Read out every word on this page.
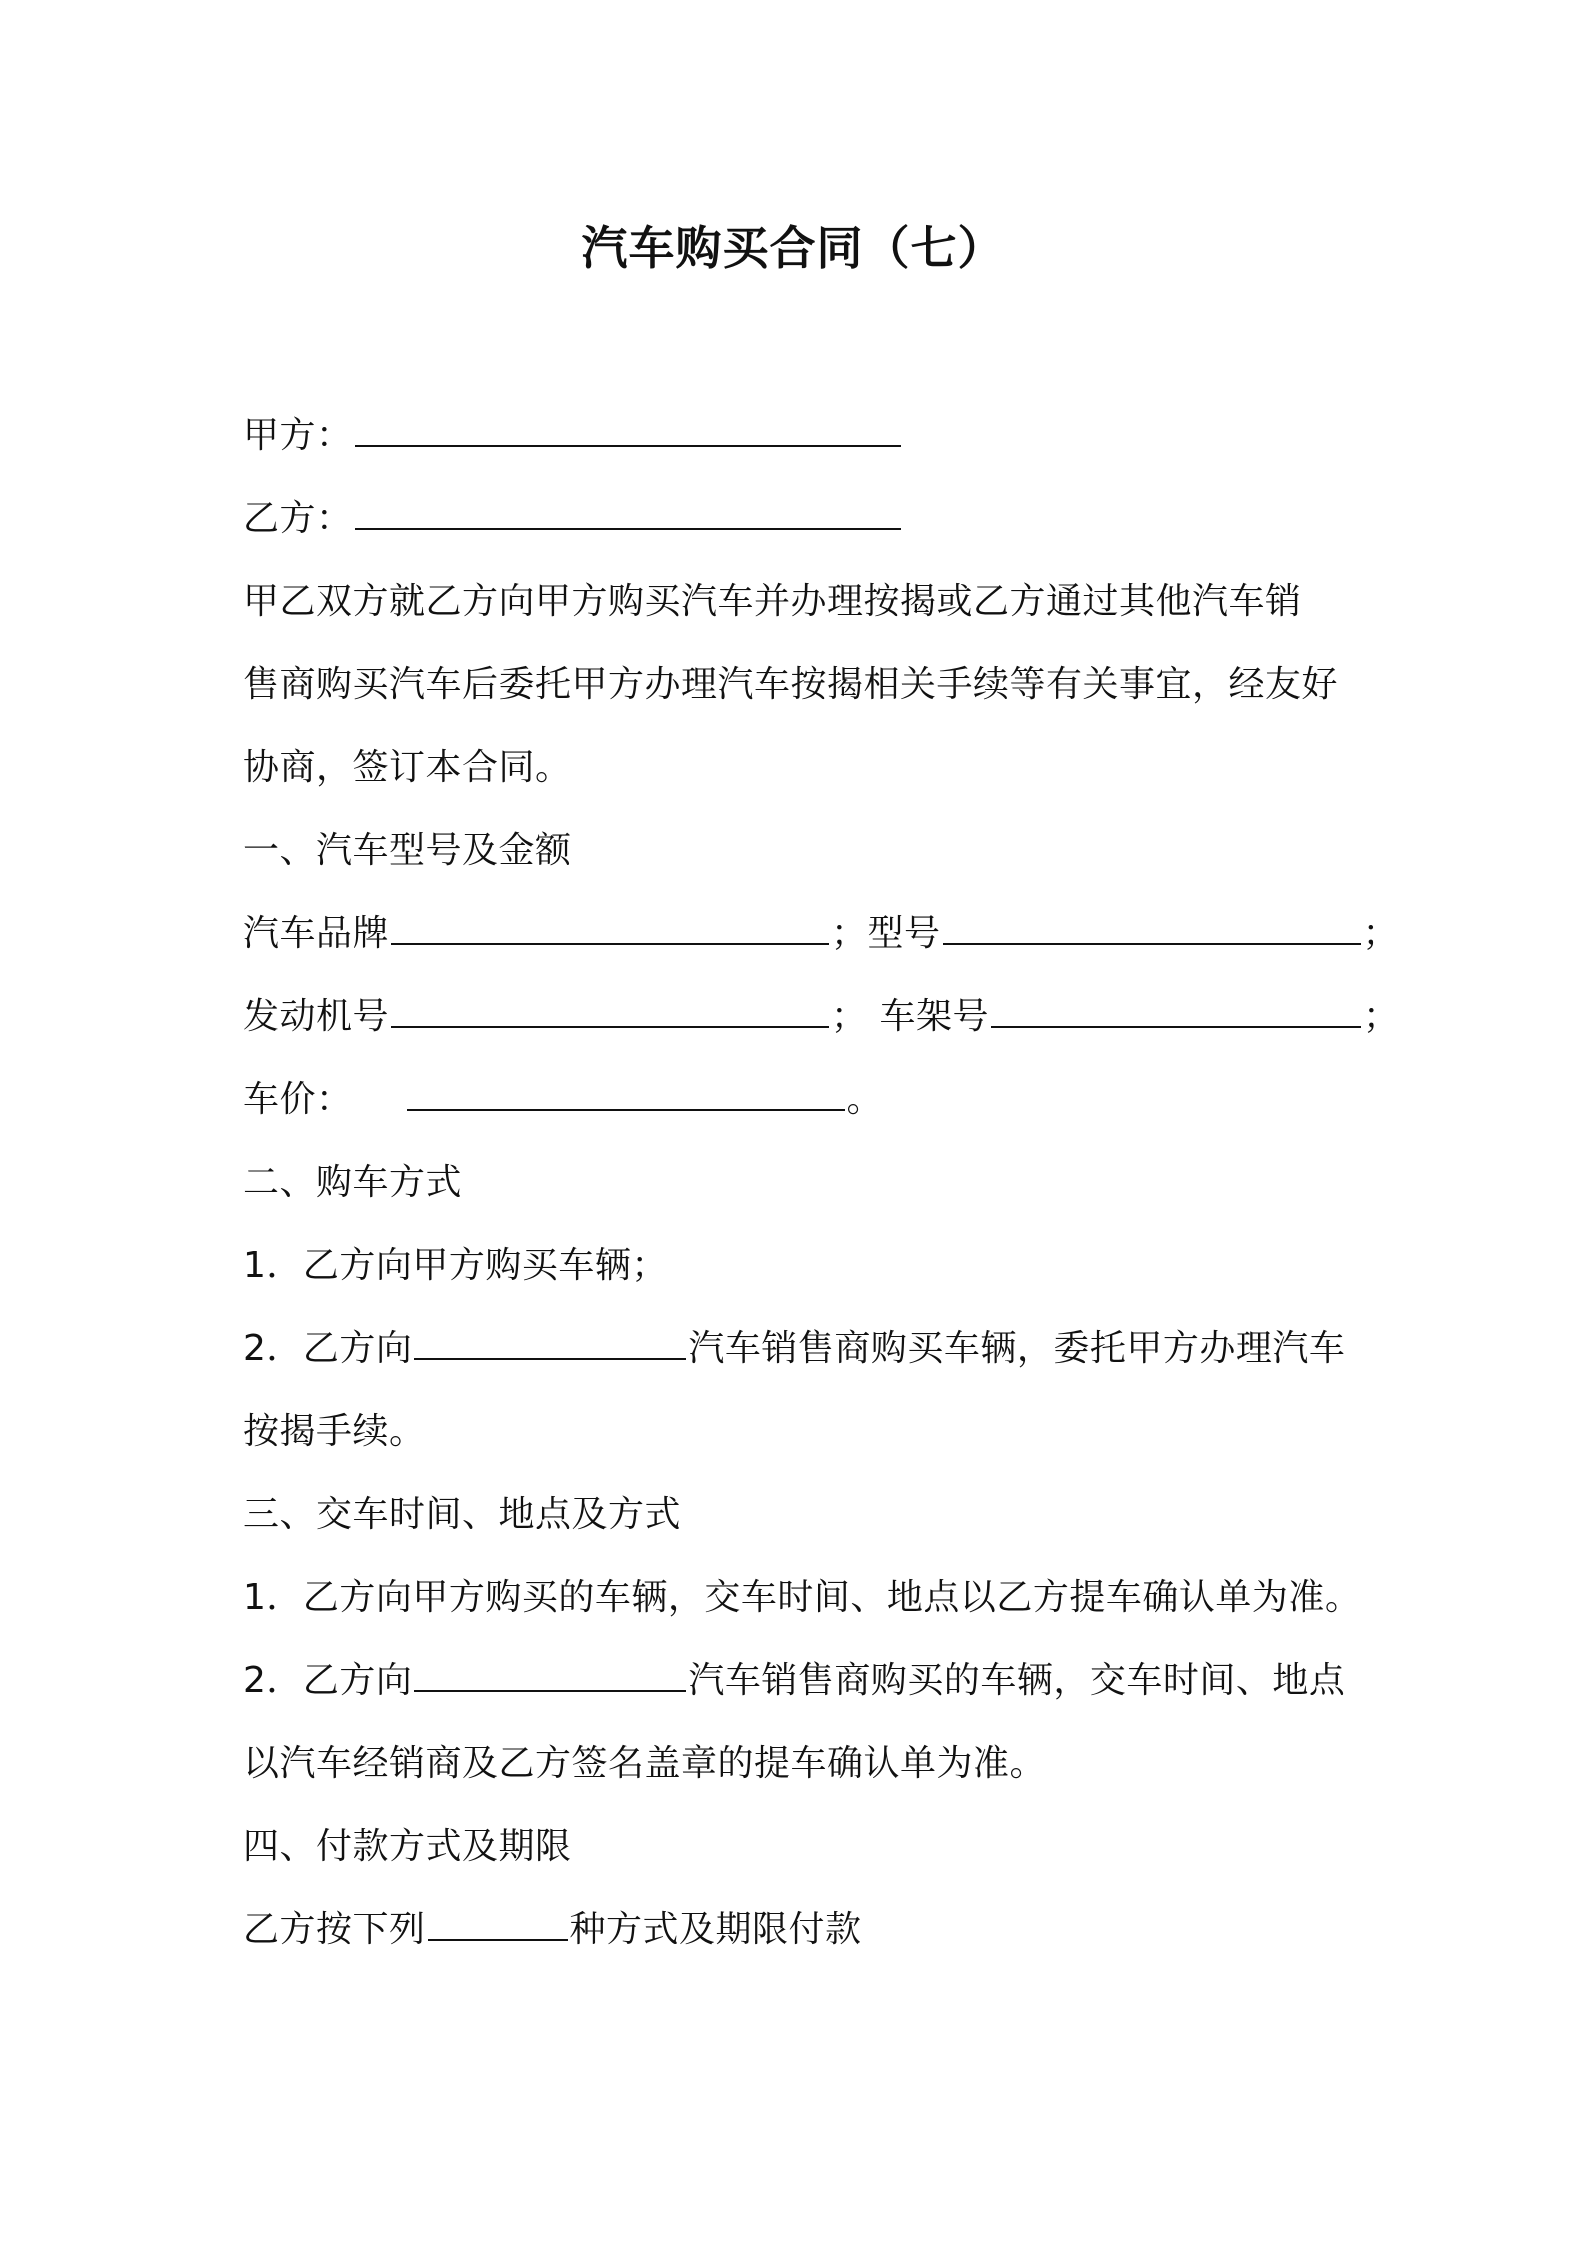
汽车购买合同（七）
甲方：
乙方：
甲乙双方就乙方向甲方购买汽车并办理按揭或乙方通过其他汽车销
售商购买汽车后委托甲方办理汽车按揭相关手续等有关事宜，经友好
协商，签订本合同。
一、汽车型号及金额
汽车品牌	；型号	；
发动机号	； 车架号	；
车价：	。
二、购车方式
1．乙方向甲方购买车辆；
2．乙方向	汽车销售商购买车辆，委托甲方办理汽车
按揭手续。
三、交车时间、地点及方式
1．乙方向甲方购买的车辆，交车时间、地点以乙方提车确认单为准。
2．乙方向	汽车销售商购买的车辆，交车时间、地点
以汽车经销商及乙方签名盖章的提车确认单为准。
四、付款方式及期限
乙方按下列	种方式及期限付款
